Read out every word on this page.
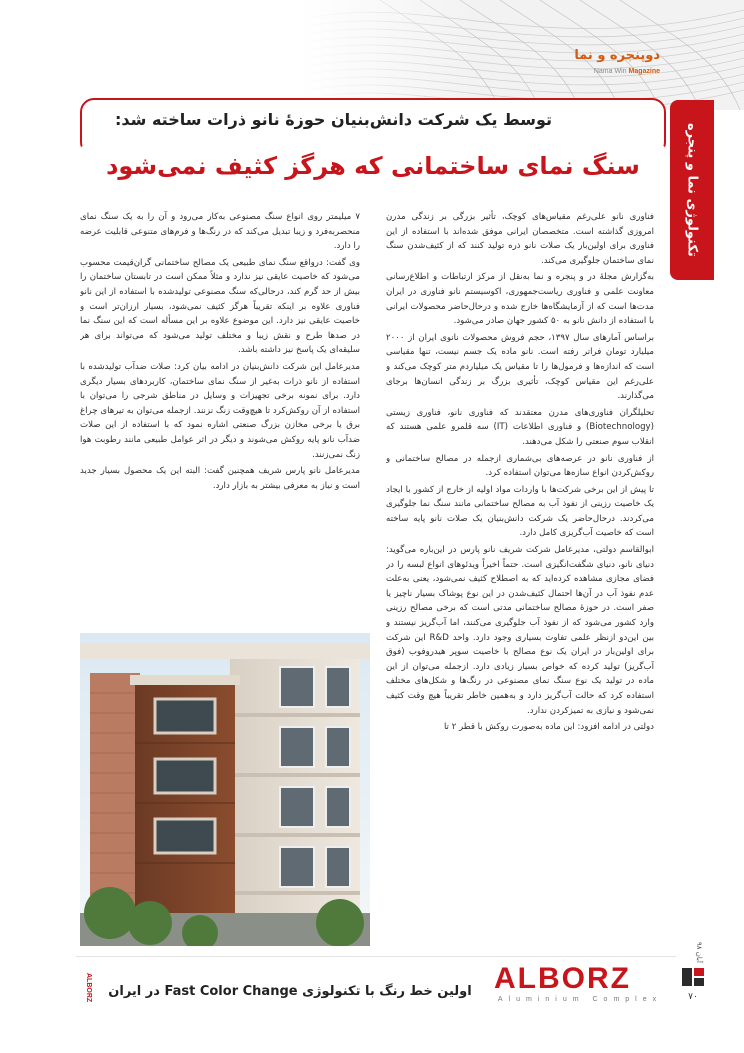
دوپنجره و نما
Nama Win Magazine
تکنولوژی نما و پنجره
توسط یک شرکت دانش‌بنیان حوزهٔ نانو ذرات ساخته شد:
سنگ نمای ساختمانی که هرگز کثیف نمی‌شود

فناوری نانو علی‌رغم مقیاس‌های کوچک، تأثیر بزرگی بر زندگی مدرن امروزی گذاشته است. متخصصان ایرانی موفق شده‌اند با استفاده از این فناوری برای اولین‌بار یک صلات نانو ذره تولید کنند که از کثیف‌شدن سنگ نمای ساختمان جلوگیری می‌کند.

به‌گزارش مجلهٔ در و پنجره و نما به‌نقل از مرکز ارتباطات و اطلاع‌رسانی معاونت علمی و فناوری ریاست‌جمهوری، اکوسیستم نانو فناوری در ایران مدت‌ها است که از آزمایشگاه‌ها خارج شده و درحال‌حاضر محصولات ایرانی با استفاده از دانش نانو به ۵۰ کشور جهان صادر می‌شود.

براساس آمارهای سال ۱۳۹۷، حجم فروش محصولات نانوی ایران از ۲۰۰۰ میلیارد تومان فراتر رفته است. نانو ماده یک جسم نیست، تنها مقیاسی است که اندازه‌ها و فرمول‌ها را تا مقیاس یک میلیاردم متر کوچک می‌کند و علی‌رغم این مقیاس کوچک، تأثیری بزرگ بر زندگی انسان‌ها برجای می‌گذارند.

تحلیلگران فناوری‌های مدرن معتقدند که فناوری نانو، فناوری زیستی (Biotechnology) و فناوری اطلاعات (IT) سه قلمرو علمی هستند که انقلاب سوم صنعتی را شکل می‌دهند.

از فناوری نانو در عرصه‌های بی‌شماری ازجمله در مصالح ساختمانی و روکش‌کردن انواع سازه‌ها می‌توان استفاده کرد.

تا پیش از این برخی شرکت‌ها با واردات مواد اولیه از خارج از کشور با ایجاد یک خاصیت رزینی از نفوذ آب به مصالح ساختمانی مانند سنگ نما جلوگیری می‌کردند. درحال‌حاضر یک شرکت دانش‌بنیان یک صلات نانو پایه ساخته است که خاصیت آب‌گریزی کامل دارد.

ابوالقاسم دولتی، مدیرعامل شرکت شریف نانو پارس در این‌باره می‌گوید: دنیای نانو، دنیای شگفت‌انگیزی است. حتماً اخیراً ویدئوهای انواع لبسه را در فضای مجازی مشاهده کرده‌اید که به اصطلاح کثیف نمی‌شود، یعنی به‌علت عدم نفوذ آب در آن‌ها احتمال کثیف‌شدن در این نوع پوشاک بسیار ناچیز یا صفر است. در حوزهٔ مصالح ساختمانی مدتی است که برخی مصالح رزینی وارد کشور می‌شود که از نفوذ آب جلوگیری می‌کنند، اما آب‌گریز نیستند و بین این‌دو ازنظر علمی تفاوت بسیاری وجود دارد. واحد R&D این شرکت برای اولین‌بار در ایران یک نوع مصالح با خاصیت سوپر هیدروفوب (فوق آب‌گریز) تولید کرده که خواص بسیار زیادی دارد. ازجمله می‌توان از این ماده در تولید یک نوع سنگ نمای مصنوعی در رنگ‌ها و شکل‌های مختلف استفاده کرد که حالت آب‌گریز دارد و به‌همین خاطر تقریباً هیچ وقت کثیف نمی‌شود و نیازی به تمیزکردن ندارد.

دولتی در ادامه افزود: این ماده به‌صورت روکش با قطر ۲ تا

۷ میلیمتر روی انواع سنگ مصنوعی به‌کار می‌رود و آن را به یک سنگ نمای منحصربه‌فرد و زیبا تبدیل می‌کند که در رنگ‌ها و فرم‌های متنوعی قابلیت عرضه را دارد.

وی گفت: درواقع سنگ نمای طبیعی یک مصالح ساختمانی گران‌قیمت محسوب می‌شود که خاصیت عایقی نیز ندارد و مثلاً ممکن است در تابستان ساختمان را بیش از حد گرم کند، درحالی‌که سنگ مصنوعی تولیدشده با استفاده از این نانو فناوری علاوه بر اینکه تقریباً هرگز کثیف نمی‌شود، بسیار ارزان‌تر است و خاصیت عایقی نیز دارد. این موضوع علاوه بر این مسأله است که این سنگ نما در صدها طرح و نقش زیبا و مختلف تولید می‌شود که می‌تواند برای هر سلیقه‌ای یک پاسخ نیز داشته باشد.

مدیرعامل این شرکت دانش‌بنیان در ادامه بیان کرد: صلات ضدآب تولیدشده با استفاده از نانو ذرات به‌غیر از سنگ نمای ساختمان، کاربردهای بسیار دیگری دارد. برای نمونه برخی تجهیزات و وسایل در مناطق شرجی را می‌توان با استفاده از آن روکش‌کرد تا هیچ‌وقت زنگ نزنند. ازجمله می‌توان به تیرهای چراغ برق یا برخی مخازن بزرگ صنعتی اشاره نمود که با استفاده از این صلات ضدآب نانو پایه روکش می‌شوند و دیگر در اثر عوامل طبیعی مانند رطوبت هوا زنگ نمی‌زنند.

مدیرعامل نانو پارس شریف همچنین گفت: البته این یک محصول بسیار جدید است و نیاز به معرفی بیشتر به بازار دارد.

ALBORZ	اولین خط رنگ با تکنولوژی Fast Color Change در ایران ALBORZ
Aluminium Complex
آبان ۹۸
۷۰
